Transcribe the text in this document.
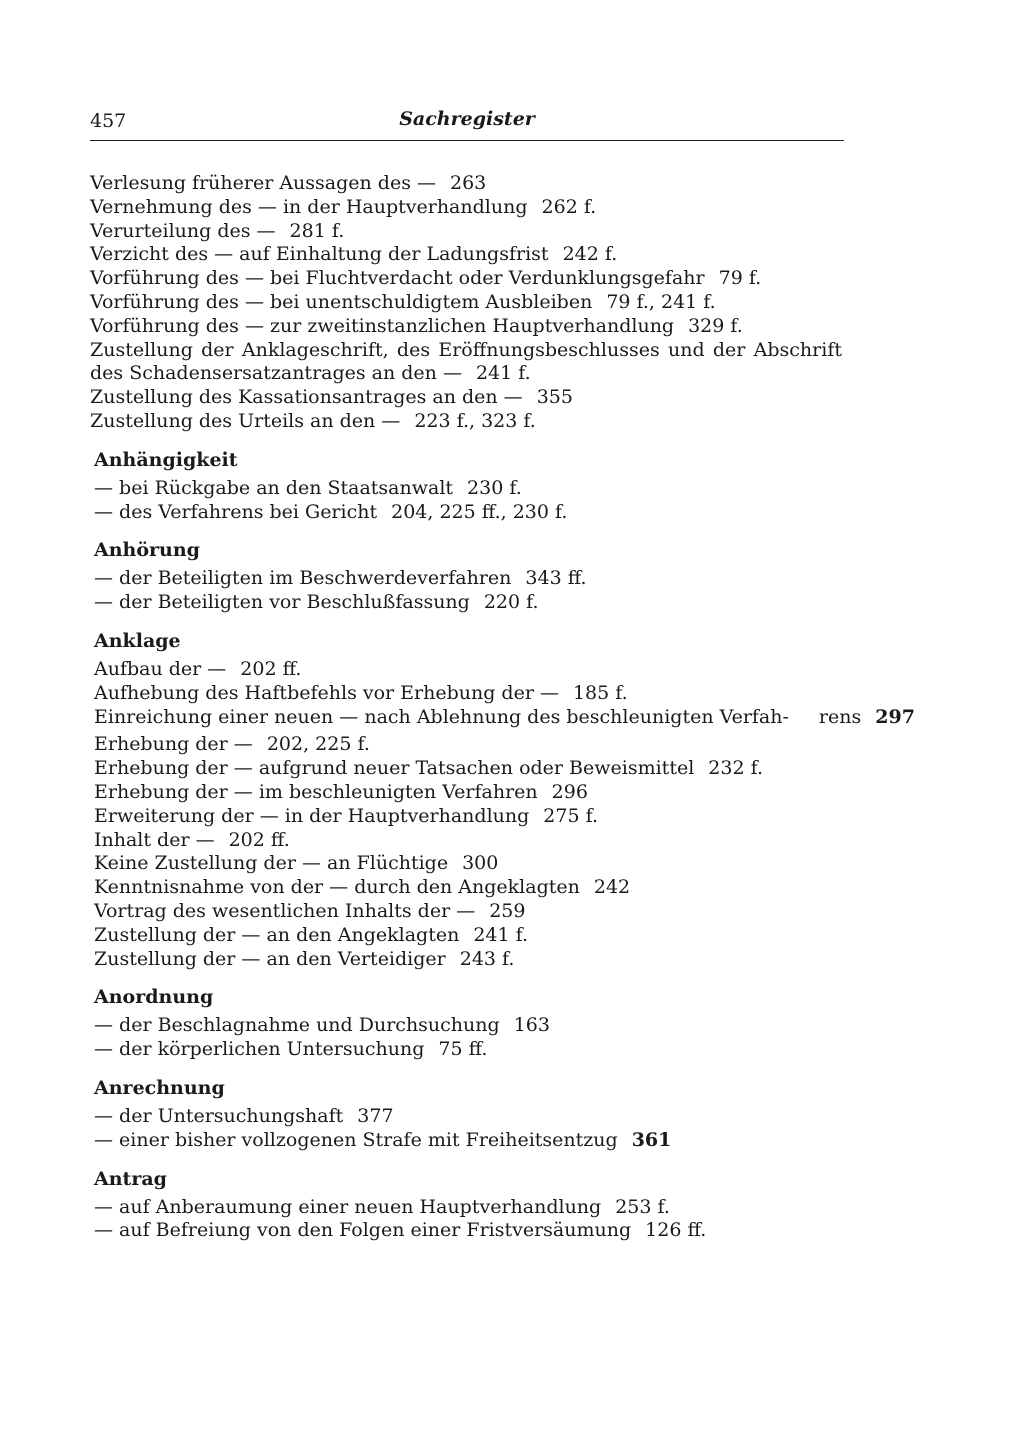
457	Sachregister

Verlesung früherer Aussagen des — 263

Vernehmung des — in der Hauptverhandlung 262 f.

Verurteilung des — 281 f.

Verzicht des — auf Einhaltung der Ladungsfrist 242 f.

Vorführung des — bei Fluchtverdacht oder Verdunklungsgefahr 79 f.

Vorführung des — bei unentschuldigtem Ausbleiben 79 f., 241 f.

Vorführung des — zur zweitinstanzlichen Hauptverhandlung 329 f.

Zustellung der Anklageschrift, des Eröffnungsbeschlusses und der Abschrift des Schadensersatzantrages an den — 241 f.

Zustellung des Kassationsantrages an den — 355

Zustellung des Urteils an den — 223 f., 323 f.

Anhängigkeit

— bei Rückgabe an den Staatsanwalt 230 f.

— des Verfahrens bei Gericht 204, 225 ff., 230 f.

Anhörung

— der Beteiligten im Beschwerdeverfahren 343 ff.

— der Beteiligten vor Beschlußfassung 220 f.

Anklage

Aufbau der — 202 ff.

Aufhebung des Haftbefehls vor Erhebung der — 185 f.

Einreichung einer neuen — nach Ablehnung des beschleunigten Verfah- rens 297

Erhebung der — 202, 225 f.

Erhebung der — aufgrund neuer Tatsachen oder Beweismittel 232 f.

Erhebung der — im beschleunigten Verfahren 296

Erweiterung der — in der Hauptverhandlung 275 f.

Inhalt der — 202 ff.

Keine Zustellung der — an Flüchtige 300

Kenntnisnahme von der — durch den Angeklagten 242

Vortrag des wesentlichen Inhalts der — 259

Zustellung der — an den Angeklagten 241 f.

Zustellung der — an den Verteidiger 243 f.

Anordnung

— der Beschlagnahme und Durchsuchung 163

— der körperlichen Untersuchung 75 ff.

Anrechnung

— der Untersuchungshaft 377

— einer bisher vollzogenen Strafe mit Freiheitsentzug 361

Antrag

— auf Anberaumung einer neuen Hauptverhandlung 253 f.

— auf Befreiung von den Folgen einer Fristversäumung 126 ff.
